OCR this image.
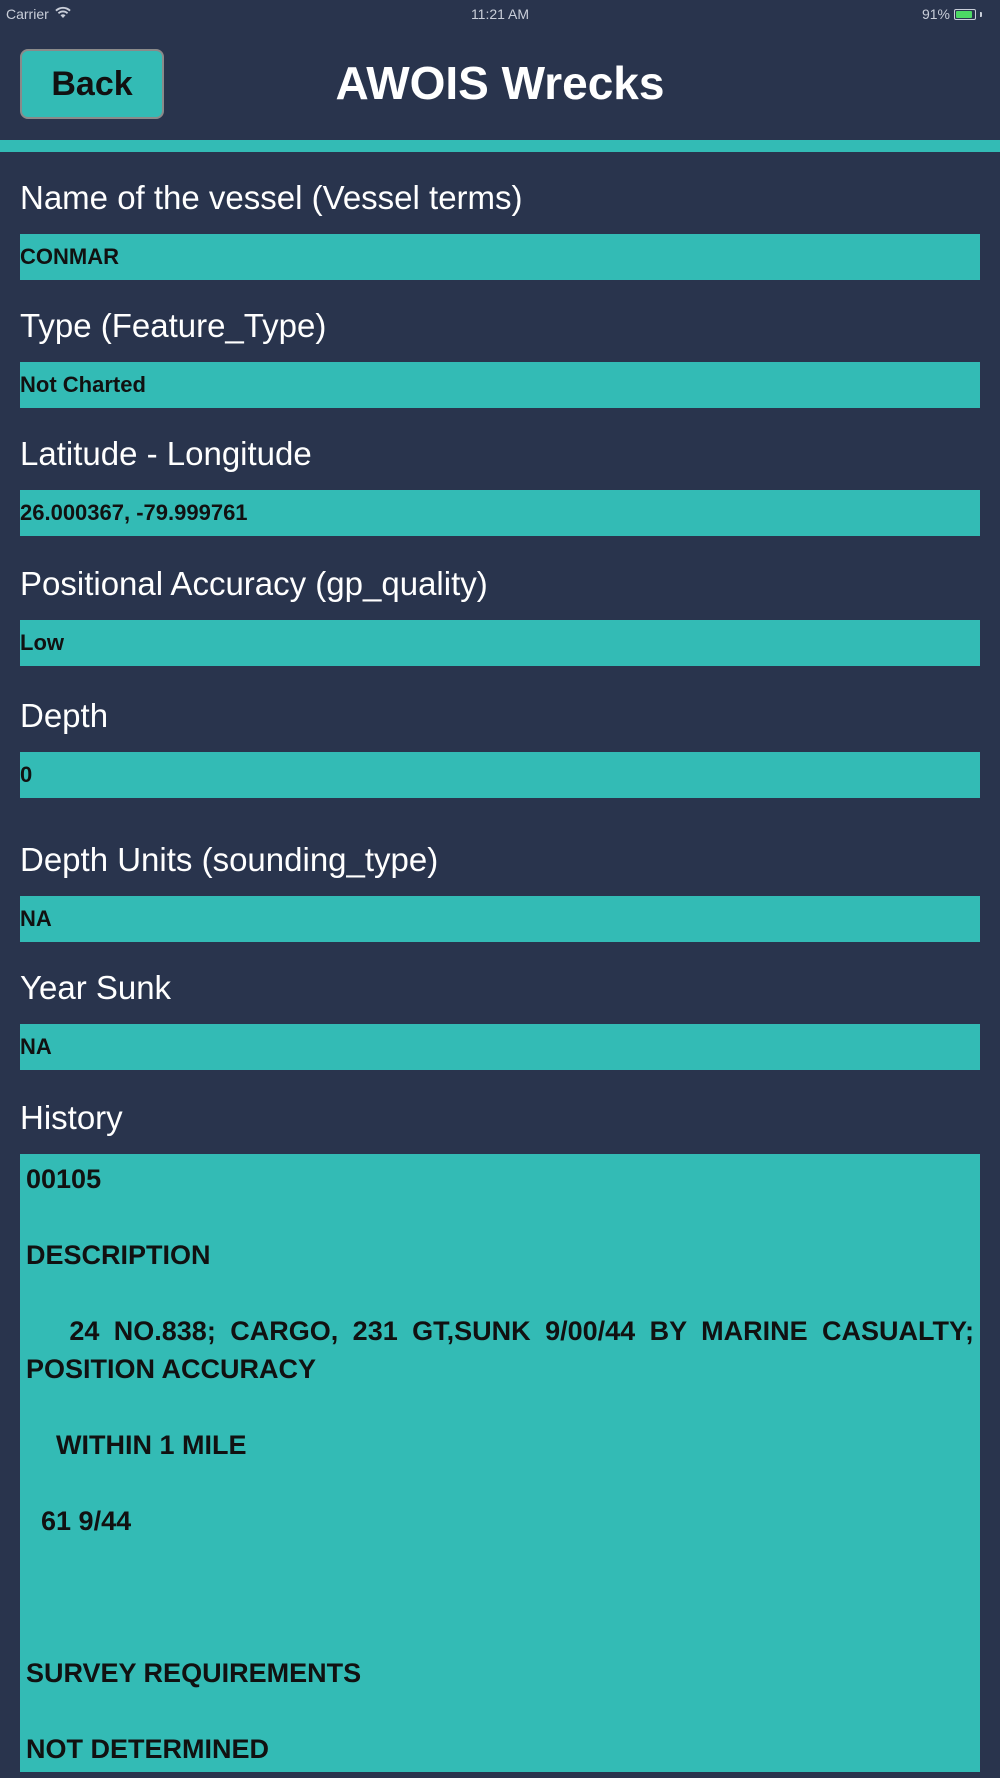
Carrier	11:21 AM	91%
Back	AWOIS Wrecks
Name of the vessel (Vessel terms)
CONMAR
Type (Feature_Type)
Not Charted
Latitude - Longitude
26.000367, -79.999761
Positional Accuracy (gp_quality)
Low
Depth
0
Depth Units (sounding_type)
NA
Year Sunk
NA
History

00105

DESCRIPTION

24 NO.838; CARGO, 231 GT,SUNK 9/00/44 BY MARINE CASUALTY; POSITION ACCURACY

WITHIN 1 MILE

61 9/44

SURVEY REQUIREMENTS

NOT DETERMINED
